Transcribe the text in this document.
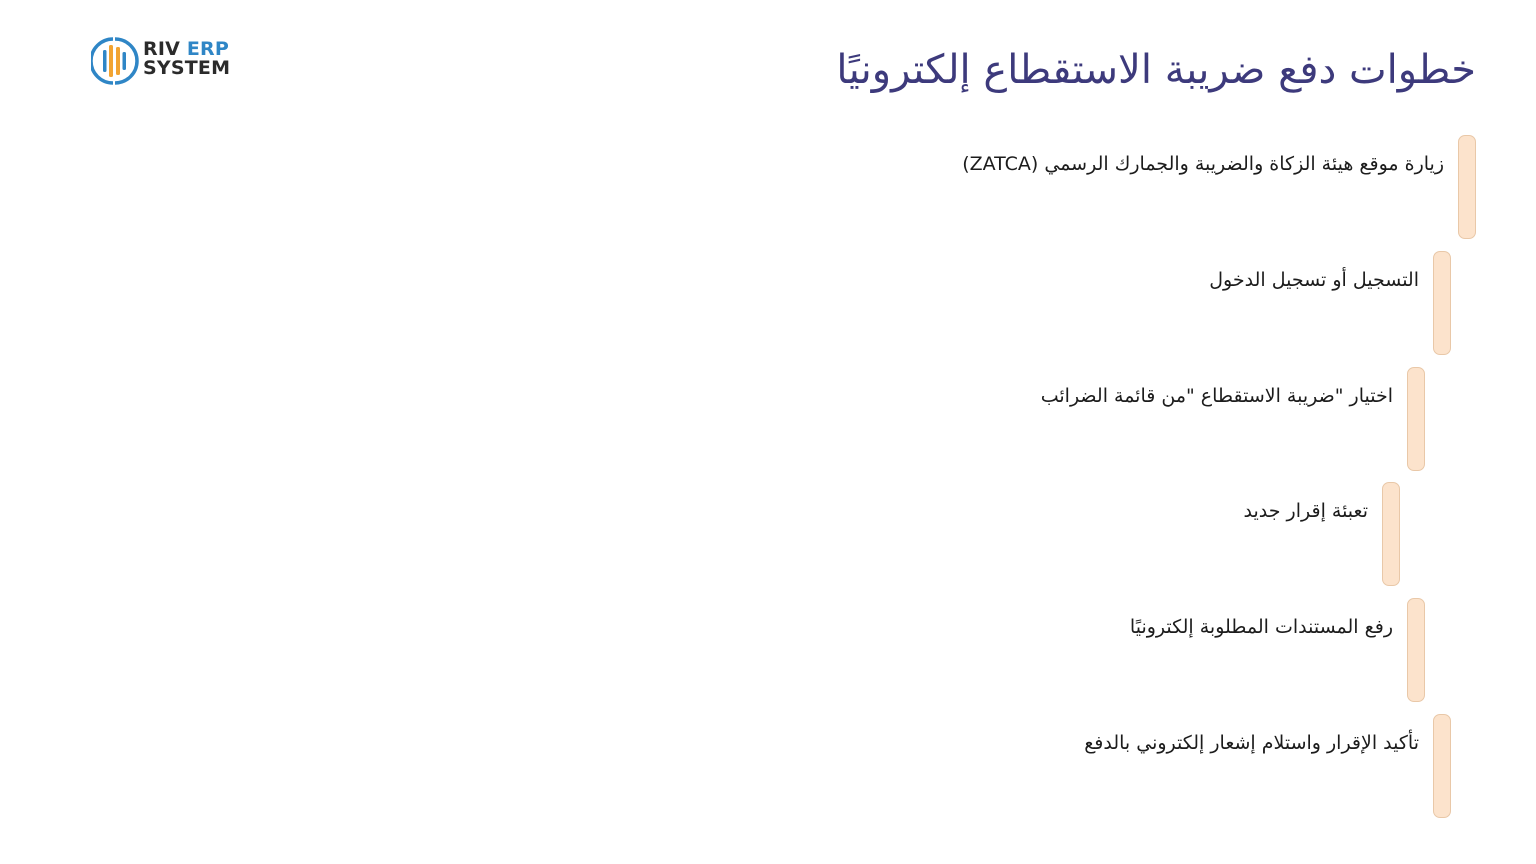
RIV ERP
SYSTEM	خطوات دفع ضريبة الاستقطاع إلكترونيًا
زيارة موقع هيئة الزكاة والضريبة والجمارك الرسمي (ZATCA)
التسجيل أو تسجيل الدخول
اختيار "ضريبة الاستقطاع "من قائمة الضرائب
تعبئة إقرار جديد
رفع المستندات المطلوبة إلكترونيًا
تأكيد الإقرار واستلام إشعار إلكتروني بالدفع
